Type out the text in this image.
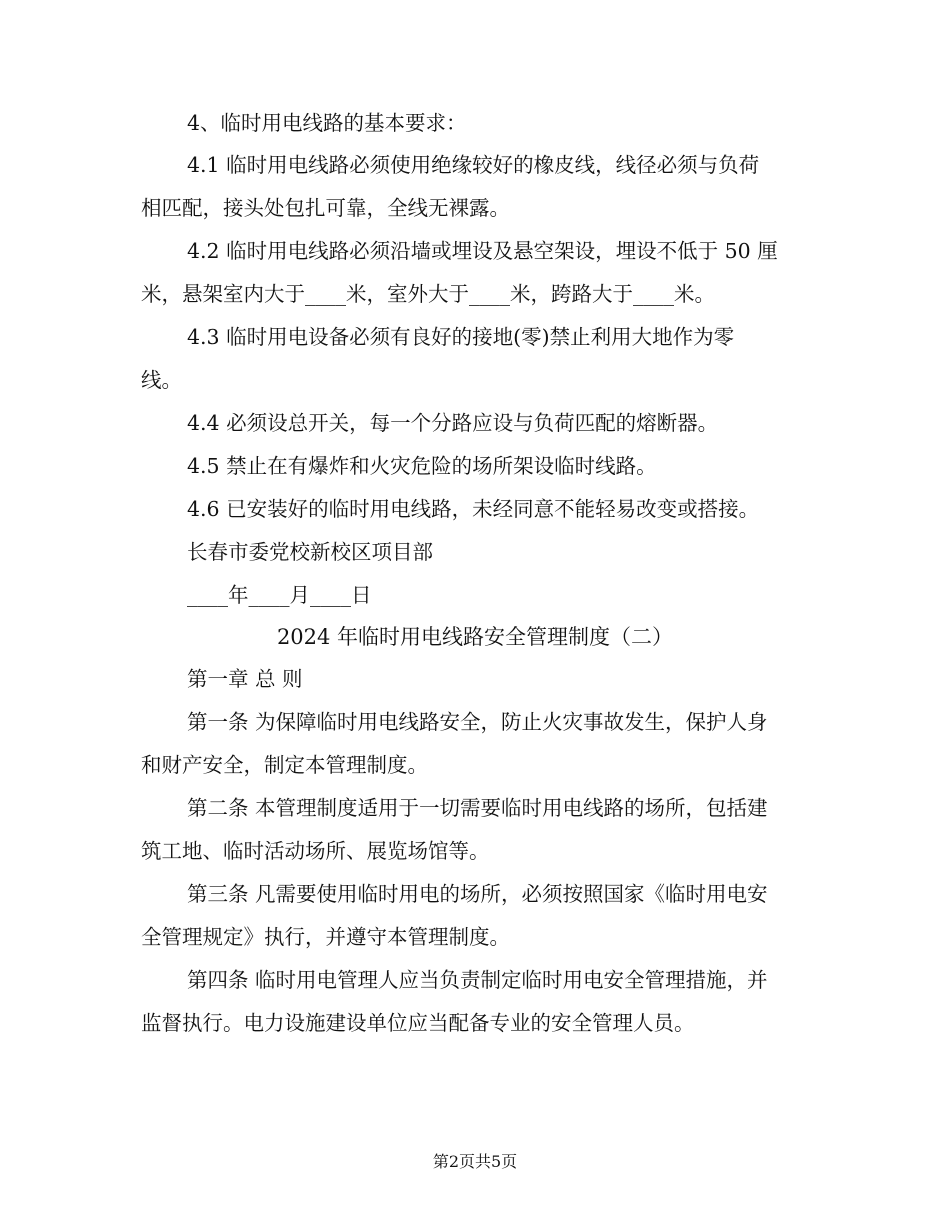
4、临时用电线路的基本要求：
4.1 临时用电线路必须使用绝缘较好的橡皮线，线径必须与负荷
相匹配，接头处包扎可靠，全线无裸露。
4.2 临时用电线路必须沿墙或埋设及悬空架设，埋设不低于 50 厘
米，悬架室内大于____米，室外大于____米，跨路大于____米。
4.3 临时用电设备必须有良好的接地(零)禁止利用大地作为零
线。
4.4 必须设总开关，每一个分路应设与负荷匹配的熔断器。
4.5 禁止在有爆炸和火灾危险的场所架设临时线路。
4.6 已安装好的临时用电线路，未经同意不能轻易改变或搭接。
长春市委党校新校区项目部
____年____月____日
2024 年临时用电线路安全管理制度（二）
第一章 总 则
第一条 为保障临时用电线路安全，防止火灾事故发生，保护人身
和财产安全，制定本管理制度。
第二条 本管理制度适用于一切需要临时用电线路的场所，包括建
筑工地、临时活动场所、展览场馆等。
第三条 凡需要使用临时用电的场所，必须按照国家《临时用电安
全管理规定》执行，并遵守本管理制度。
第四条 临时用电管理人应当负责制定临时用电安全管理措施，并
监督执行。电力设施建设单位应当配备专业的安全管理人员。
第2页共5页
